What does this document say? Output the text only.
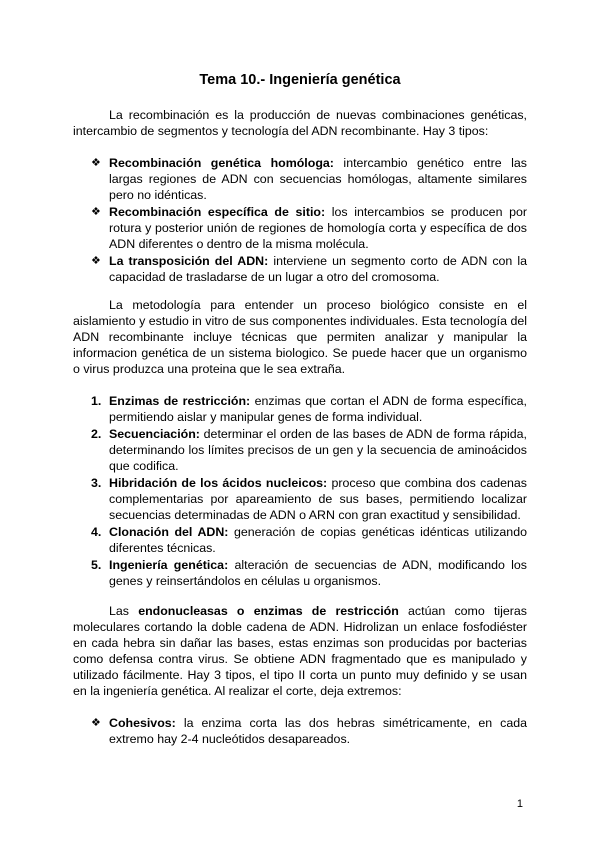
Tema 10.- Ingeniería genética

La recombinación es la producción de nuevas combinaciones genéticas, intercambio de segmentos y tecnología del ADN recombinante. Hay 3 tipos:

❖ Recombinación genética homóloga: intercambio genético entre las largas regiones de ADN con secuencias homólogas, altamente similares pero no idénticas.
❖ Recombinación específica de sitio: los intercambios se producen por rotura y posterior unión de regiones de homología corta y específica de dos ADN diferentes o dentro de la misma molécula.
❖ La transposición del ADN: interviene un segmento corto de ADN con la capacidad de trasladarse de un lugar a otro del cromosoma.

La metodología para entender un proceso biológico consiste en el aislamiento y estudio in vitro de sus componentes individuales. Esta tecnología del ADN recombinante incluye técnicas que permiten analizar y manipular la informacion genética de un sistema biologico. Se puede hacer que un organismo o virus produzca una proteina que le sea extraña.

1. Enzimas de restricción: enzimas que cortan el ADN de forma específica, permitiendo aislar y manipular genes de forma individual.
2. Secuenciación: determinar el orden de las bases de ADN de forma rápida, determinando los límites precisos de un gen y la secuencia de aminoácidos que codifica.
3. Hibridación de los ácidos nucleicos: proceso que combina dos cadenas complementarias por apareamiento de sus bases, permitiendo localizar secuencias determinadas de ADN o ARN con gran exactitud y sensibilidad.
4. Clonación del ADN: generación de copias genéticas idénticas utilizando diferentes técnicas.
5. Ingeniería genética: alteración de secuencias de ADN, modificando los genes y reinsertándolos en células u organismos.

Las endonucleasas o enzimas de restricción actúan como tijeras moleculares cortando la doble cadena de ADN. Hidrolizan un enlace fosfodiéster en cada hebra sin dañar las bases, estas enzimas son producidas por bacterias como defensa contra virus. Se obtiene ADN fragmentado que es manipulado y utilizado fácilmente. Hay 3 tipos, el tipo II corta un punto muy definido y se usan en la ingeniería genética. Al realizar el corte, deja extremos:

❖ Cohesivos: la enzima corta las dos hebras simétricamente, en cada extremo hay 2-4 nucleótidos desapareados.
1
